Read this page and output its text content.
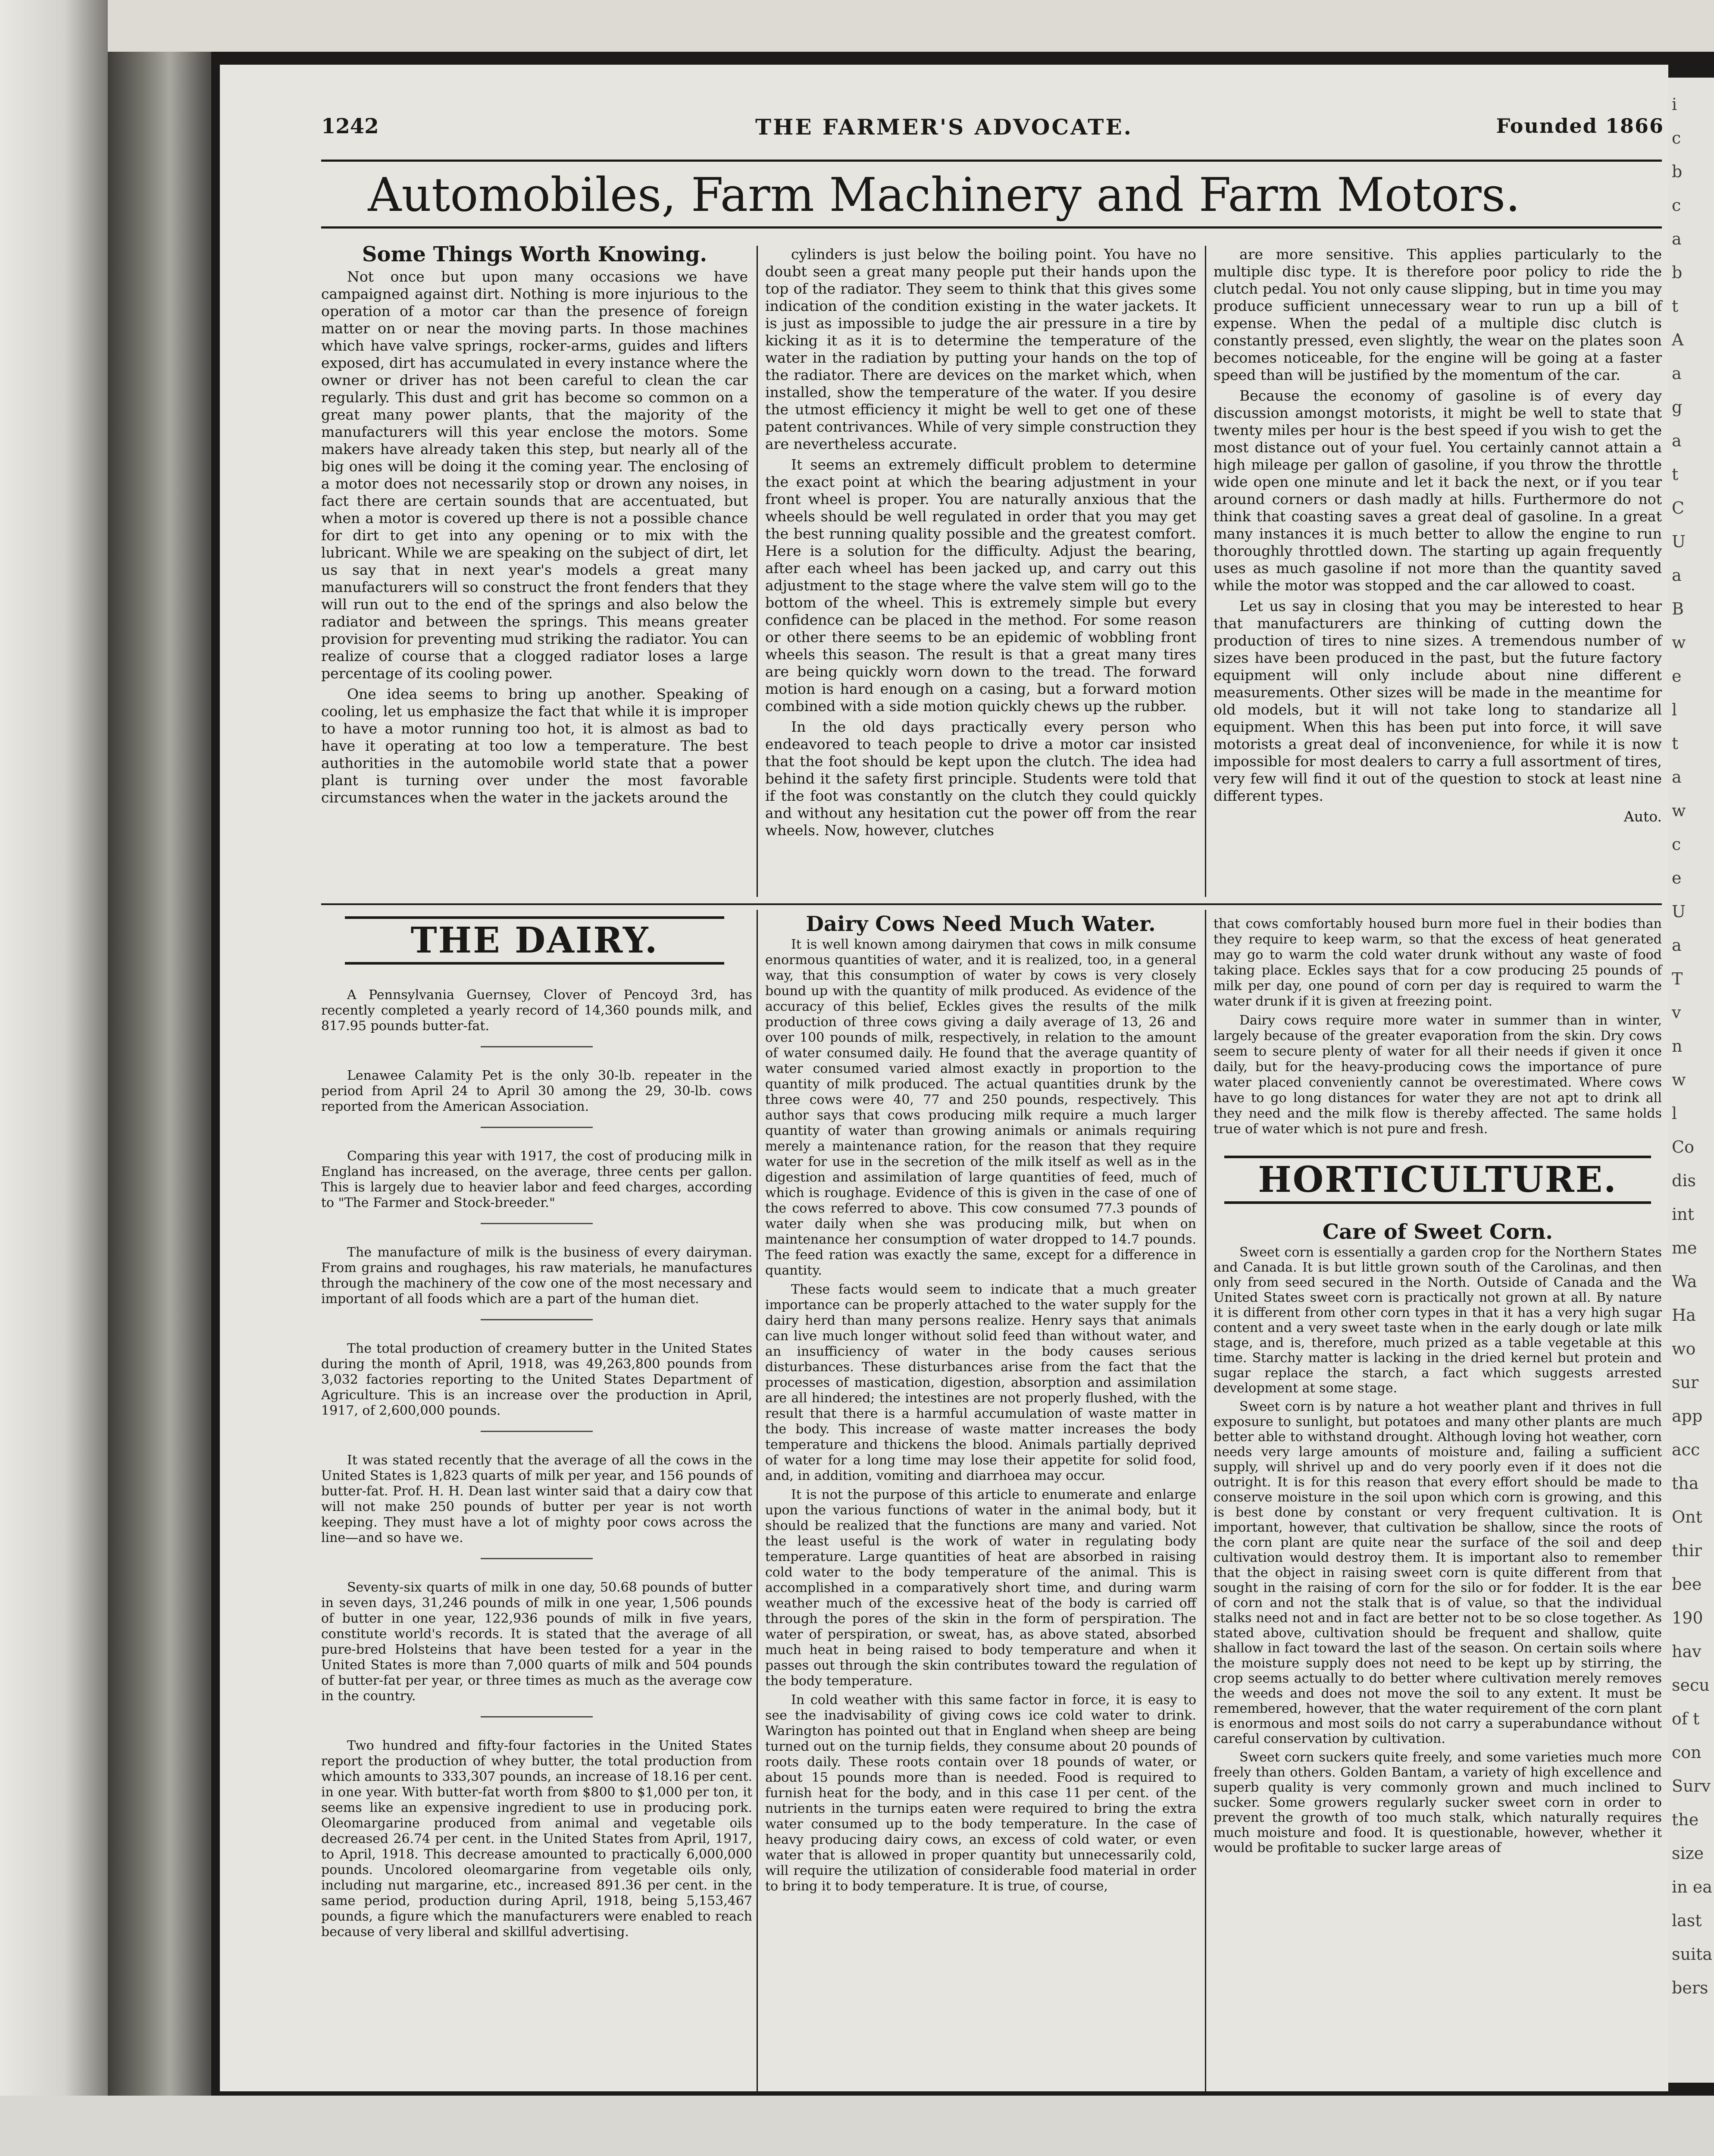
i
c
b
c
a
b
t
A
a
g
a
t
C
U
a
B
w
e
l
t
a
w
c
e
U
a
T
v
n
w
l
Co
dis
int
me
Wa
Ha
wo
sur
app
acc
tha
Ont
thir
bee
190
hav
secu
of t
con
Surv
the
size
in ea
last
suita
bers
THE FARMER'S ADVOCATE.
1242	Founded 1866
Automobiles, Farm Machinery and Farm Motors.

Some Things Worth Knowing.

Not once but upon many occasions we have campaigned against dirt. Nothing is more injurious to the operation of a motor car than the presence of foreign matter on or near the moving parts. In those machines which have valve springs, rocker-arms, guides and lifters exposed, dirt has accumulated in every instance where the owner or driver has not been careful to clean the car regularly. This dust and grit has become so common on a great many power plants, that the majority of the manufacturers will this year enclose the motors. Some makers have already taken this step, but nearly all of the big ones will be doing it the coming year. The enclosing of a motor does not necessarily stop or drown any noises, in fact there are certain sounds that are accentuated, but when a motor is covered up there is not a possible chance for dirt to get into any opening or to mix with the lubricant. While we are speaking on the subject of dirt, let us say that in next year's models a great many manufacturers will so construct the front fenders that they will run out to the end of the springs and also below the radiator and between the springs. This means greater provision for preventing mud striking the radiator. You can realize of course that a clogged radiator loses a large percentage of its cooling power.

One idea seems to bring up another. Speaking of cooling, let us emphasize the fact that while it is improper to have a motor running too hot, it is almost as bad to have it operating at too low a temperature. The best authorities in the automobile world state that a power plant is turning over under the most favorable circumstances when the water in the jackets around the

cylinders is just below the boiling point. You have no doubt seen a great many people put their hands upon the top of the radiator. They seem to think that this gives some indication of the condition existing in the water jackets. It is just as impossible to judge the air pressure in a tire by kicking it as it is to determine the temperature of the water in the radiation by putting your hands on the top of the radiator. There are devices on the market which, when installed, show the temperature of the water. If you desire the utmost efficiency it might be well to get one of these patent contrivances. While of very simple construction they are nevertheless accurate.

It seems an extremely difficult problem to determine the exact point at which the bearing adjustment in your front wheel is proper. You are naturally anxious that the wheels should be well regulated in order that you may get the best running quality possible and the greatest comfort. Here is a solution for the difficulty. Adjust the bearing, after each wheel has been jacked up, and carry out this adjustment to the stage where the valve stem will go to the bottom of the wheel. This is extremely simple but every confidence can be placed in the method. For some reason or other there seems to be an epidemic of wobbling front wheels this season. The result is that a great many tires are being quickly worn down to the tread. The forward motion is hard enough on a casing, but a forward motion combined with a side motion quickly chews up the rubber.

In the old days practically every person who endeavored to teach people to drive a motor car insisted that the foot should be kept upon the clutch. The idea had behind it the safety first principle. Students were told that if the foot was constantly on the clutch they could quickly and without any hesitation cut the power off from the rear wheels. Now, however, clutches

are more sensitive. This applies particularly to the multiple disc type. It is therefore poor policy to ride the clutch pedal. You not only cause slipping, but in time you may produce sufficient unnecessary wear to run up a bill of expense. When the pedal of a multiple disc clutch is constantly pressed, even slightly, the wear on the plates soon becomes noticeable, for the engine will be going at a faster speed than will be justified by the momentum of the car.

Because the economy of gasoline is of every day discussion amongst motorists, it might be well to state that twenty miles per hour is the best speed if you wish to get the most distance out of your fuel. You certainly cannot attain a high mileage per gallon of gasoline, if you throw the throttle wide open one minute and let it back the next, or if you tear around corners or dash madly at hills. Furthermore do not think that coasting saves a great deal of gasoline. In a great many instances it is much better to allow the engine to run thoroughly throttled down. The starting up again frequently uses as much gasoline if not more than the quantity saved while the motor was stopped and the car allowed to coast.

Let us say in closing that you may be interested to hear that manufacturers are thinking of cutting down the production of tires to nine sizes. A tremendous number of sizes have been produced in the past, but the future factory equipment will only include about nine different measurements. Other sizes will be made in the meantime for old models, but it will not take long to standarize all equipment. When this has been put into force, it will save motorists a great deal of inconvenience, for while it is now impossible for most dealers to carry a full assortment of tires, very few will find it out of the question to stock at least nine different types.

Auto.

THE DAIRY.

A Pennsylvania Guernsey, Clover of Pencoyd 3rd, has recently completed a yearly record of 14,360 pounds milk, and 817.95 pounds butter-fat.

Lenawee Calamity Pet is the only 30-lb. repeater in the period from April 24 to April 30 among the 29, 30-lb. cows reported from the American Association.

Comparing this year with 1917, the cost of producing milk in England has increased, on the average, three cents per gallon. This is largely due to heavier labor and feed charges, according to "The Farmer and Stock-breeder."

The manufacture of milk is the business of every dairyman. From grains and roughages, his raw materials, he manufactures through the machinery of the cow one of the most necessary and important of all foods which are a part of the human diet.

The total production of creamery butter in the United States during the month of April, 1918, was 49,263,800 pounds from 3,032 factories reporting to the United States Department of Agriculture. This is an increase over the production in April, 1917, of 2,600,000 pounds.

It was stated recently that the average of all the cows in the United States is 1,823 quarts of milk per year, and 156 pounds of butter-fat. Prof. H. H. Dean last winter said that a dairy cow that will not make 250 pounds of butter per year is not worth keeping. They must have a lot of mighty poor cows across the line—and so have we.

Seventy-six quarts of milk in one day, 50.68 pounds of butter in seven days, 31,246 pounds of milk in one year, 1,506 pounds of butter in one year, 122,936 pounds of milk in five years, constitute world's records. It is stated that the average of all pure-bred Holsteins that have been tested for a year in the United States is more than 7,000 quarts of milk and 504 pounds of butter-fat per year, or three times as much as the average cow in the country.

Two hundred and fifty-four factories in the United States report the production of whey butter, the total production from which amounts to 333,307 pounds, an increase of 18.16 per cent. in one year. With butter-fat worth from $800 to $1,000 per ton, it seems like an expensive ingredient to use in producing pork. Oleomargarine produced from animal and vegetable oils decreased 26.74 per cent. in the United States from April, 1917, to April, 1918. This decrease amounted to practically 6,000,000 pounds. Uncolored oleomargarine from vegetable oils only, including nut margarine, etc., increased 891.36 per cent. in the same period, production during April, 1918, being 5,153,467 pounds, a figure which the manufacturers were enabled to reach because of very liberal and skillful advertising.

Dairy Cows Need Much Water.

It is well known among dairymen that cows in milk consume enormous quantities of water, and it is realized, too, in a general way, that this consumption of water by cows is very closely bound up with the quantity of milk produced. As evidence of the accuracy of this belief, Eckles gives the results of the milk production of three cows giving a daily average of 13, 26 and over 100 pounds of milk, respectively, in relation to the amount of water consumed daily. He found that the average quantity of water consumed varied almost exactly in proportion to the quantity of milk produced. The actual quantities drunk by the three cows were 40, 77 and 250 pounds, respectively. This author says that cows producing milk require a much larger quantity of water than growing animals or animals requiring merely a maintenance ration, for the reason that they require water for use in the secretion of the milk itself as well as in the digestion and assimilation of large quantities of feed, much of which is roughage. Evidence of this is given in the case of one of the cows referred to above. This cow consumed 77.3 pounds of water daily when she was producing milk, but when on maintenance her consumption of water dropped to 14.7 pounds. The feed ration was exactly the same, except for a difference in quantity.

These facts would seem to indicate that a much greater importance can be properly attached to the water supply for the dairy herd than many persons realize. Henry says that animals can live much longer without solid feed than without water, and an insufficiency of water in the body causes serious disturbances. These disturbances arise from the fact that the processes of mastication, digestion, absorption and assimilation are all hindered; the intestines are not properly flushed, with the result that there is a harmful accumulation of waste matter in the body. This increase of waste matter increases the body temperature and thickens the blood. Animals partially deprived of water for a long time may lose their appetite for solid food, and, in addition, vomiting and diarrhoea may occur.

It is not the purpose of this article to enumerate and enlarge upon the various functions of water in the animal body, but it should be realized that the functions are many and varied. Not the least useful is the work of water in regulating body temperature. Large quantities of heat are absorbed in raising cold water to the body temperature of the animal. This is accomplished in a comparatively short time, and during warm weather much of the excessive heat of the body is carried off through the pores of the skin in the form of perspiration. The water of perspiration, or sweat, has, as above stated, absorbed much heat in being raised to body temperature and when it passes out through the skin contributes toward the regulation of the body temperature.

In cold weather with this same factor in force, it is easy to see the inadvisability of giving cows ice cold water to drink. Warington has pointed out that in England when sheep are being turned out on the turnip fields, they consume about 20 pounds of roots daily. These roots contain over 18 pounds of water, or about 15 pounds more than is needed. Food is required to furnish heat for the body, and in this case 11 per cent. of the nutrients in the turnips eaten were required to bring the extra water consumed up to the body temperature. In the case of heavy producing dairy cows, an excess of cold water, or even water that is allowed in proper quantity but unnecessarily cold, will require the utilization of considerable food material in order to bring it to body temperature. It is true, of course,

that cows comfortably housed burn more fuel in their bodies than they require to keep warm, so that the excess of heat generated may go to warm the cold water drunk without any waste of food taking place. Eckles says that for a cow producing 25 pounds of milk per day, one pound of corn per day is required to warm the water drunk if it is given at freezing point.

Dairy cows require more water in summer than in winter, largely because of the greater evaporation from the skin. Dry cows seem to secure plenty of water for all their needs if given it once daily, but for the heavy-producing cows the importance of pure water placed conveniently cannot be overestimated. Where cows have to go long distances for water they are not apt to drink all they need and the milk flow is thereby affected. The same holds true of water which is not pure and fresh.

HORTICULTURE.

Care of Sweet Corn.

Sweet corn is essentially a garden crop for the Northern States and Canada. It is but little grown south of the Carolinas, and then only from seed secured in the North. Outside of Canada and the United States sweet corn is practically not grown at all. By nature it is different from other corn types in that it has a very high sugar content and a very sweet taste when in the early dough or late milk stage, and is, therefore, much prized as a table vegetable at this time. Starchy matter is lacking in the dried kernel but protein and sugar replace the starch, a fact which suggests arrested development at some stage.

Sweet corn is by nature a hot weather plant and thrives in full exposure to sunlight, but potatoes and many other plants are much better able to withstand drought. Although loving hot weather, corn needs very large amounts of moisture and, failing a sufficient supply, will shrivel up and do very poorly even if it does not die outright. It is for this reason that every effort should be made to conserve moisture in the soil upon which corn is growing, and this is best done by constant or very frequent cultivation. It is important, however, that cultivation be shallow, since the roots of the corn plant are quite near the surface of the soil and deep cultivation would destroy them. It is important also to remember that the object in raising sweet corn is quite different from that sought in the raising of corn for the silo or for fodder. It is the ear of corn and not the stalk that is of value, so that the individual stalks need not and in fact are better not to be so close together. As stated above, cultivation should be frequent and shallow, quite shallow in fact toward the last of the season. On certain soils where the moisture supply does not need to be kept up by stirring, the crop seems actually to do better where cultivation merely removes the weeds and does not move the soil to any extent. It must be remembered, however, that the water requirement of the corn plant is enormous and most soils do not carry a superabundance without careful conservation by cultivation.

Sweet corn suckers quite freely, and some varieties much more freely than others. Golden Bantam, a variety of high excellence and superb quality is very commonly grown and much inclined to sucker. Some growers regularly sucker sweet corn in order to prevent the growth of too much stalk, which naturally requires much moisture and food. It is questionable, however, whether it would be profitable to sucker large areas of
